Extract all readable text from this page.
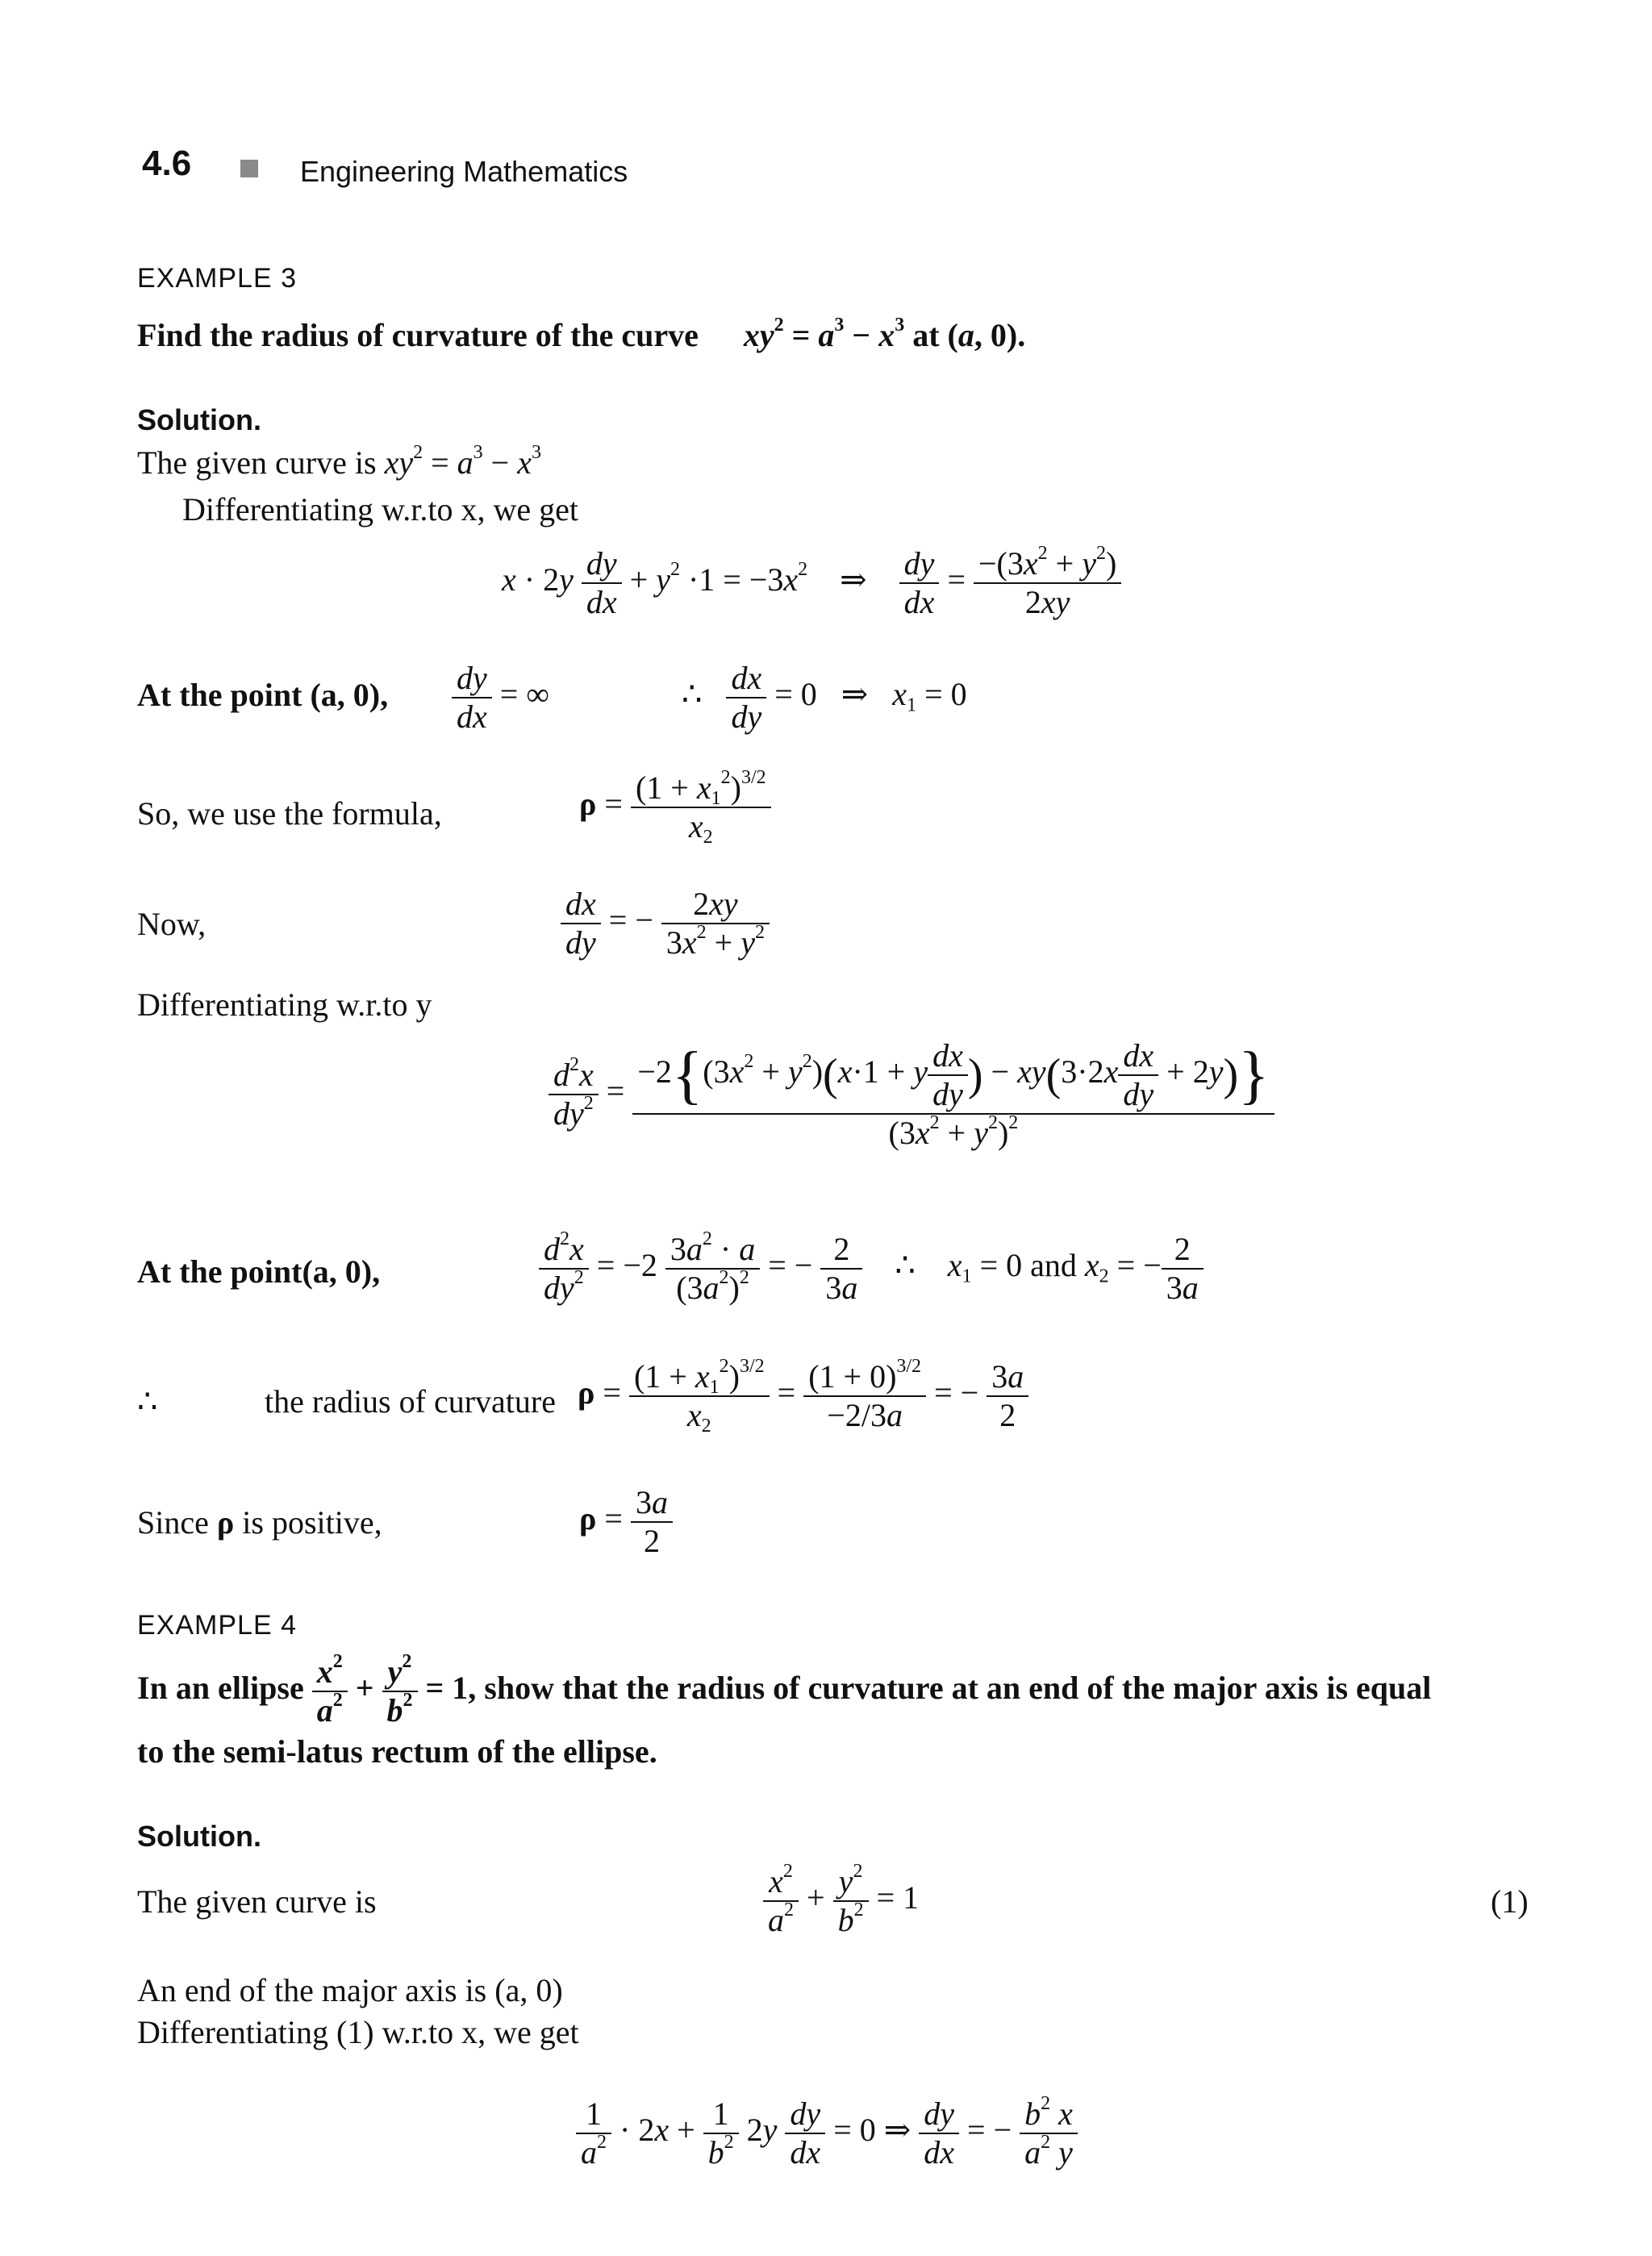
4.6	Engineering Mathematics
EXAMPLE 3
Find the radius of curvature of the curve $xy^2 = a^3 - x^3$ at (a, 0).
Solution.
The given curve is $xy^2 = a^3 - x^3$
Differentiating w.r.to x, we get
$x \cdot 2y \frac{dy}{dx} + y^2 \cdot 1 = -3x^2$    ⇒ $\frac{dy}{dx} = \frac{-(3x^2 + y^2)}{2xy}$
At the point (a, 0), $\frac{dy}{dx}$ = ∞	∴ $\frac{dx}{dy} = 0$   ⇒   $x_1 = 0$
So, we use the formula,	$\rho = \frac{(1 + x_1^2)^{3/2}}{x_2}$
Now,	$\frac{dx}{dy}$ = − $\frac{2xy}{3x^2 + y^2}$
Differentiating w.r.to y
$\frac{d^2x}{dy^2} = \frac{-2\{(3x^2 + y^2)(x\cdot 1 + y \frac{dx}{dy} ) - xy(3\cdot 2x \frac{dx}{dy} + 2y)\}}{(3x^2 + y^2)^2}$
At the point(a, 0),	$\frac{d^2x}{dy^2} = -2 \frac{3a^2 \cdot a}{(3a^2)^2}$ = − $\frac{2}{3a}$ ∴    $x_1 = 0$ and $x_2$ = − $\frac{2}{3a}$
∴	the radius of curvature $\rho = \frac{(1 + x_1^2)^{3/2}}{x_2} = \frac{(1 + 0)^{3/2}}{-2/3a}$ = − $\frac{3a}{2}$
Since ρ is positive,	$\rho = \frac{3a}{2}$
EXAMPLE 4
In an ellipse $\frac{x^2}{a^2} + \frac{y^2}{b^2} = 1$, show that the radius of curvature at an end of the major axis is equal
to the semi-latus rectum of the ellipse.
Solution.
The given curve is	$\frac{x^2}{a^2} + \frac{y^2}{b^2} = 1$	(1)
An end of the major axis is (a, 0)
Differentiating (1) w.r.to x, we get
$\frac{1}{a^2} \cdot 2x + \frac{1}{b^2} 2y \frac{dy}{dx} = 0$ ⇒ $\frac{dy}{dx}$ = − $\frac{b^2 x}{a^2 y}$
